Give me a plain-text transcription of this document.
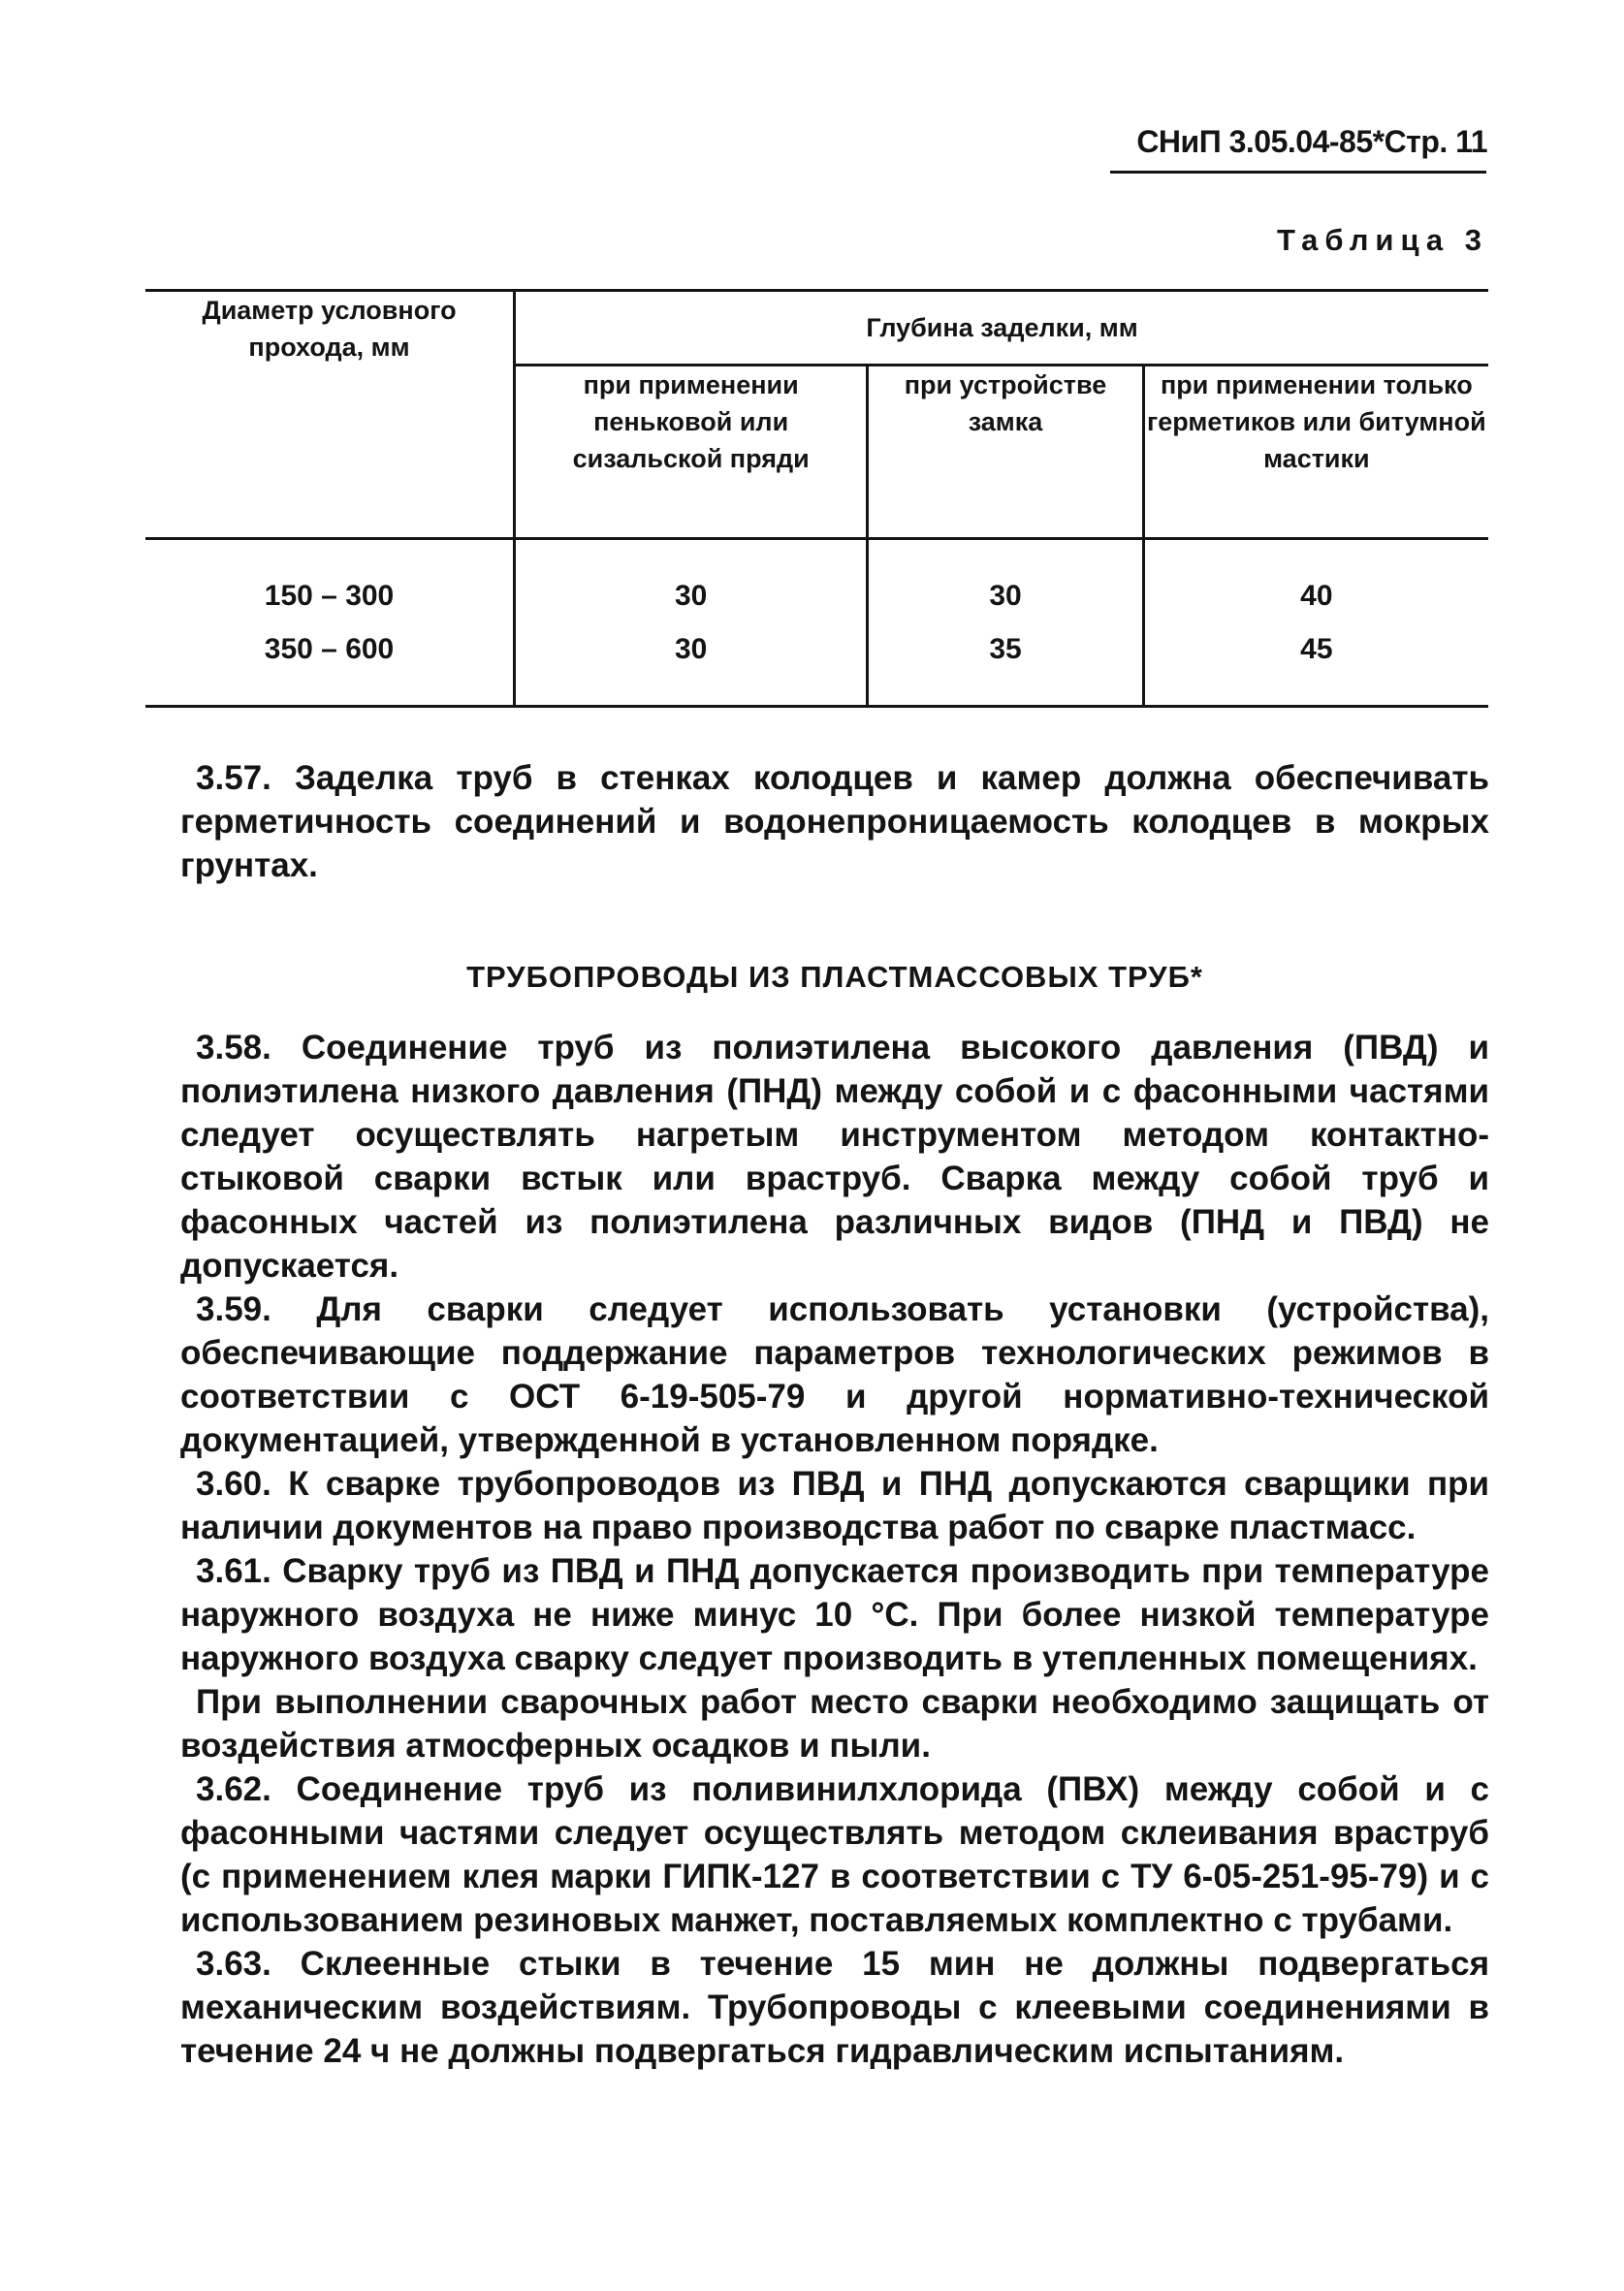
СНиП 3.05.04-85*Стр. 11
Таблица 3
Диаметр условного прохода, мм	Глубина заделки, мм		
	при применении пеньковой или сизальской пряди	при устройстве замка	при применении только герметиков или битумной мастики
150 – 300	30	30	40
350 – 600	30	35	45

3.57. Заделка труб в стенках колодцев и камер должна обеспечивать герметичность соединений и водонепроницаемость колодцев в мокрых грунтах.

ТРУБОПРОВОДЫ ИЗ ПЛАСТМАССОВЫХ ТРУБ*

3.58. Соединение труб из полиэтилена высокого давления (ПВД) и полиэтилена низкого давления (ПНД) между собой и с фасонными частями следует осуществлять нагретым инструментом методом контактно-стыковой сварки встык или враструб. Сварка между собой труб и фасонных частей из полиэтилена различных видов (ПНД и ПВД) не допускается.

3.59. Для сварки следует использовать установки (устройства), обеспечивающие поддержание параметров технологических режимов в соответствии с ОСТ 6-19-505-79 и другой нормативно-технической документацией, утвержденной в установленном порядке.

3.60. К сварке трубопроводов из ПВД и ПНД допускаются сварщики при наличии документов на право производства работ по сварке пластмасс.

3.61. Сварку труб из ПВД и ПНД допускается производить при температуре наружного воздуха не ниже минус 10 °С. При более низкой температуре наружного воздуха сварку следует производить в утепленных помещениях.

При выполнении сварочных работ место сварки необходимо защищать от воздействия атмосферных осадков и пыли.

3.62. Соединение труб из поливинилхлорида (ПВХ) между собой и с фасонными частями следует осуществлять методом склеивания враструб (с применением клея марки ГИПК-127 в соответствии с ТУ 6-05-251-95-79) и с использованием резиновых манжет, поставляемых комплектно с трубами.

3.63. Склеенные стыки в течение 15 мин не должны подвергаться механическим воздействиям. Трубопроводы с клеевыми соединениями в течение 24 ч не должны подвергаться гидравлическим испытаниям.
